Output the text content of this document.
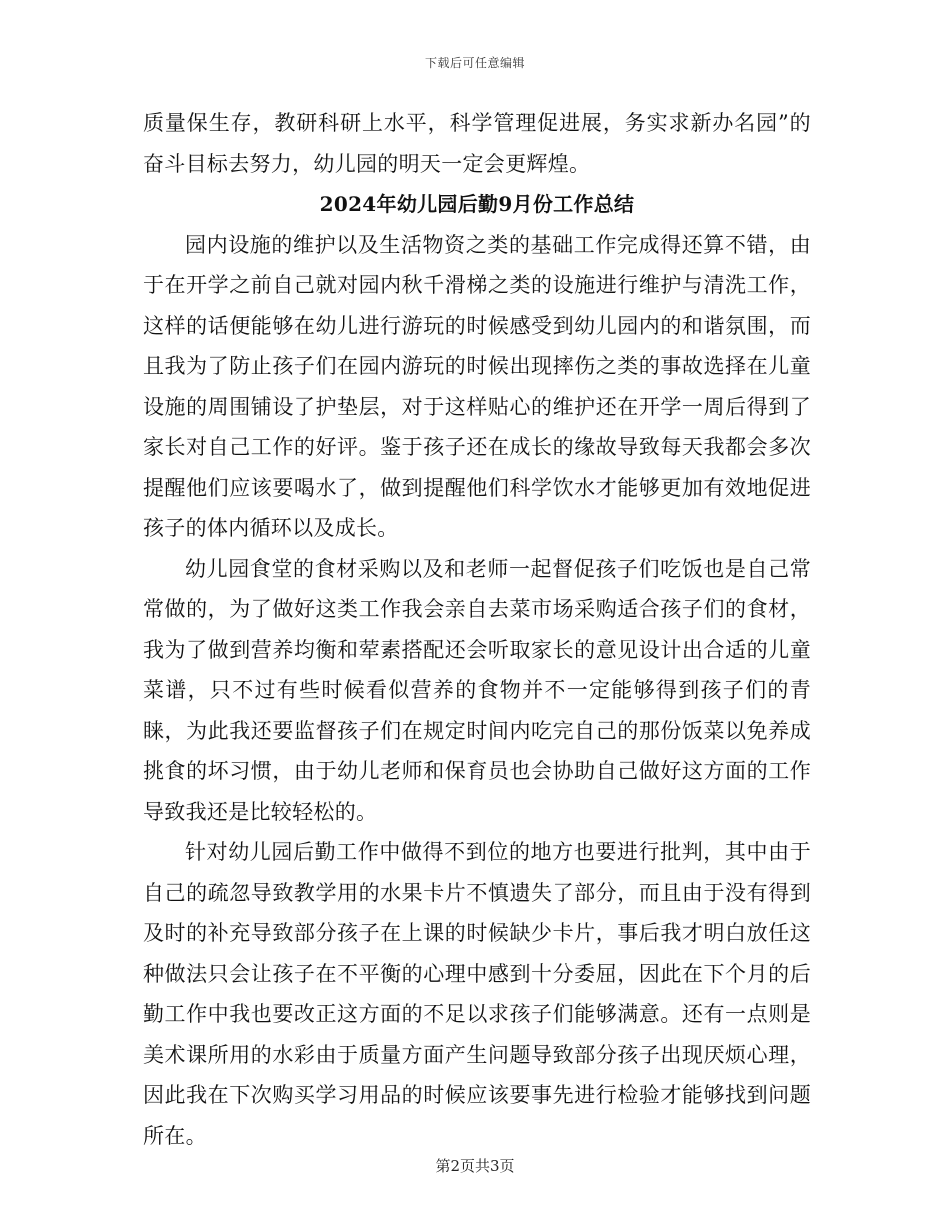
下载后可任意编辑

质量保生存，教研科研上水平，科学管理促进展，务实求新办名园”的奋斗目标去努力，幼儿园的明天一定会更辉煌。

2024年幼儿园后勤9月份工作总结

园内设施的维护以及生活物资之类的基础工作完成得还算不错，由于在开学之前自己就对园内秋千滑梯之类的设施进行维护与清洗工作，这样的话便能够在幼儿进行游玩的时候感受到幼儿园内的和谐氛围，而且我为了防止孩子们在园内游玩的时候出现摔伤之类的事故选择在儿童设施的周围铺设了护垫层，对于这样贴心的维护还在开学一周后得到了家长对自己工作的好评。鉴于孩子还在成长的缘故导致每天我都会多次提醒他们应该要喝水了，做到提醒他们科学饮水才能够更加有效地促进孩子的体内循环以及成长。

幼儿园食堂的食材采购以及和老师一起督促孩子们吃饭也是自己常常做的，为了做好这类工作我会亲自去菜市场采购适合孩子们的食材，我为了做到营养均衡和荤素搭配还会听取家长的意见设计出合适的儿童菜谱，只不过有些时候看似营养的食物并不一定能够得到孩子们的青睐，为此我还要监督孩子们在规定时间内吃完自己的那份饭菜以免养成挑食的坏习惯，由于幼儿老师和保育员也会协助自己做好这方面的工作导致我还是比较轻松的。

针对幼儿园后勤工作中做得不到位的地方也要进行批判，其中由于自己的疏忽导致教学用的水果卡片不慎遗失了部分，而且由于没有得到及时的补充导致部分孩子在上课的时候缺少卡片，事后我才明白放任这种做法只会让孩子在不平衡的心理中感到十分委屈，因此在下个月的后勤工作中我也要改正这方面的不足以求孩子们能够满意。还有一点则是美术课所用的水彩由于质量方面产生问题导致部分孩子出现厌烦心理，因此我在下次购买学习用品的时候应该要事先进行检验才能够找到问题所在。

第2页共3页
